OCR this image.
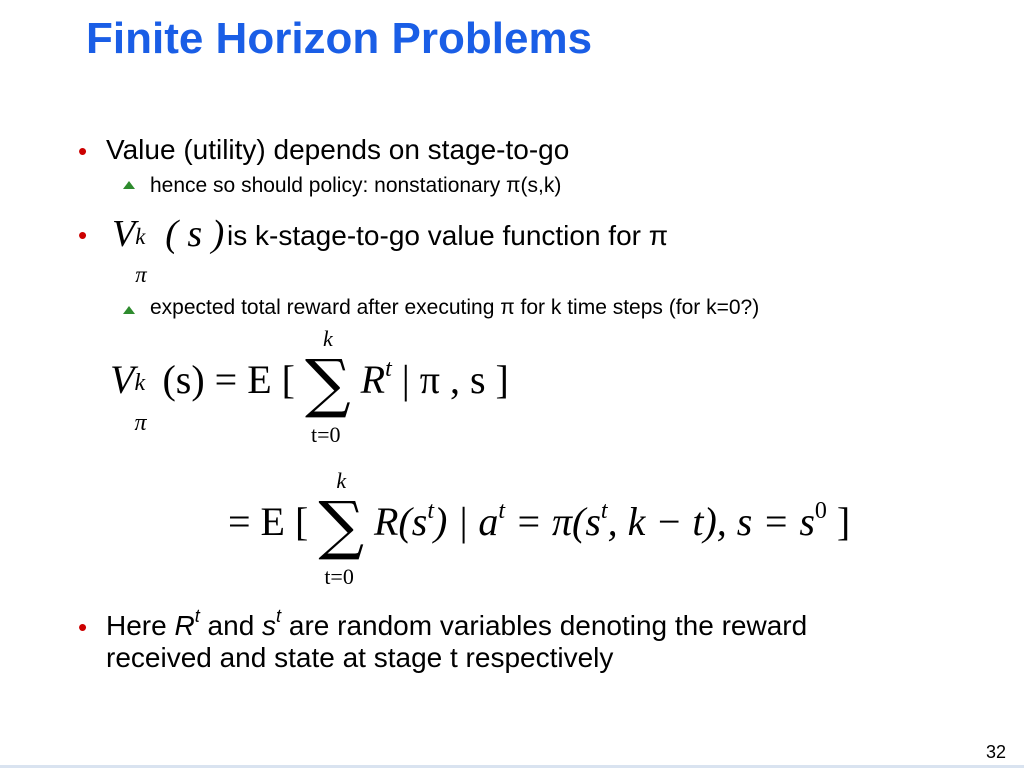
Finite Horizon Problems
• Value (utility) depends on stage-to-go
hence so should policy: nonstationary π(s,k)
• V k
π
( s ) is k-stage-to-go value function for π
expected total reward after executing π for k time steps (for k=0?)
V k
π
(s) = E [ ∑
k
t=0
$R^t$ | π , s ]
= E [ ∑
k
t=0
$R(s^t)$ | $a^t = \pi(s^t$, k − t), $s = s^0$ ]
• Here $R^t$ and $s^t$ are random variables denoting the reward
received and state at stage t respectively
32
